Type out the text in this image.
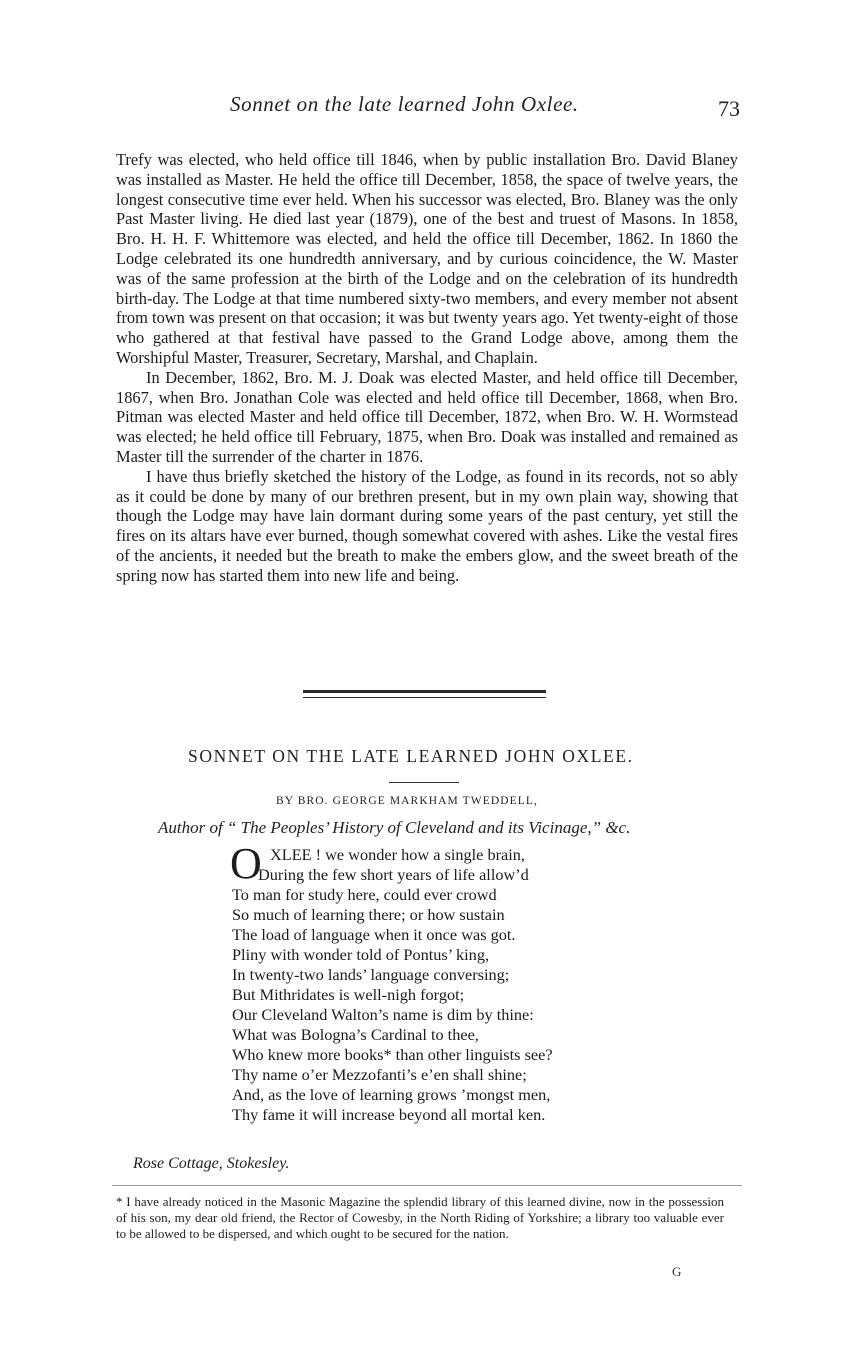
Sonnet on the late learned John Oxlee.	73

Trefy was elected, who held office till 1846, when by public installation Bro. David Blaney was installed as Master. He held the office till December, 1858, the space of twelve years, the longest consecutive time ever held. When his successor was elected, Bro. Blaney was the only Past Master living. He died last year (1879), one of the best and truest of Masons. In 1858, Bro. H. H. F. Whittemore was elected, and held the office till December, 1862. In 1860 the Lodge celebrated its one hundredth anniversary, and by curious coincidence, the W. Master was of the same profession at the birth of the Lodge and on the celebration of its hundredth birth-day. The Lodge at that time numbered sixty-two members, and every member not absent from town was present on that occasion; it was but twenty years ago. Yet twenty-eight of those who gathered at that festival have passed to the Grand Lodge above, among them the Worshipful Master, Treasurer, Secretary, Marshal, and Chaplain.

In December, 1862, Bro. M. J. Doak was elected Master, and held office till December, 1867, when Bro. Jonathan Cole was elected and held office till December, 1868, when Bro. Pitman was elected Master and held office till December, 1872, when Bro. W. H. Wormstead was elected; he held office till February, 1875, when Bro. Doak was installed and remained as Master till the surrender of the charter in 1876.

I have thus briefly sketched the history of the Lodge, as found in its records, not so ably as it could be done by many of our brethren present, but in my own plain way, showing that though the Lodge may have lain dormant during some years of the past century, yet still the fires on its altars have ever burned, though somewhat covered with ashes. Like the vestal fires of the ancients, it needed but the breath to make the embers glow, and the sweet breath of the spring now has started them into new life and being.

SONNET ON THE LATE LEARNED JOHN OXLEE.
BY BRO. GEORGE MARKHAM TWEDDELL,
Author of “ The Peoples’ History of Cleveland and its Vicinage,” &c.
O XLEE ! we wonder how a single brain,
During the few short years of life allow’d
To man for study here, could ever crowd
So much of learning there; or how sustain
The load of language when it once was got.
Pliny with wonder told of Pontus’ king,
In twenty-two lands’ language conversing;
But Mithridates is well-nigh forgot;
Our Cleveland Walton’s name is dim by thine:
What was Bologna’s Cardinal to thee,
Who knew more books* than other linguists see?
Thy name o’er Mezzofanti’s e’en shall shine;
And, as the love of learning grows ’mongst men,
Thy fame it will increase beyond all mortal ken.
Rose Cottage, Stokesley.

* I have already noticed in the Masonic Magazine the splendid library of this learned divine, now in the possession of his son, my dear old friend, the Rector of Cowesby, in the North Riding of Yorkshire; a library too valuable ever to be allowed to be dispersed, and which ought to be secured for the nation.

G
